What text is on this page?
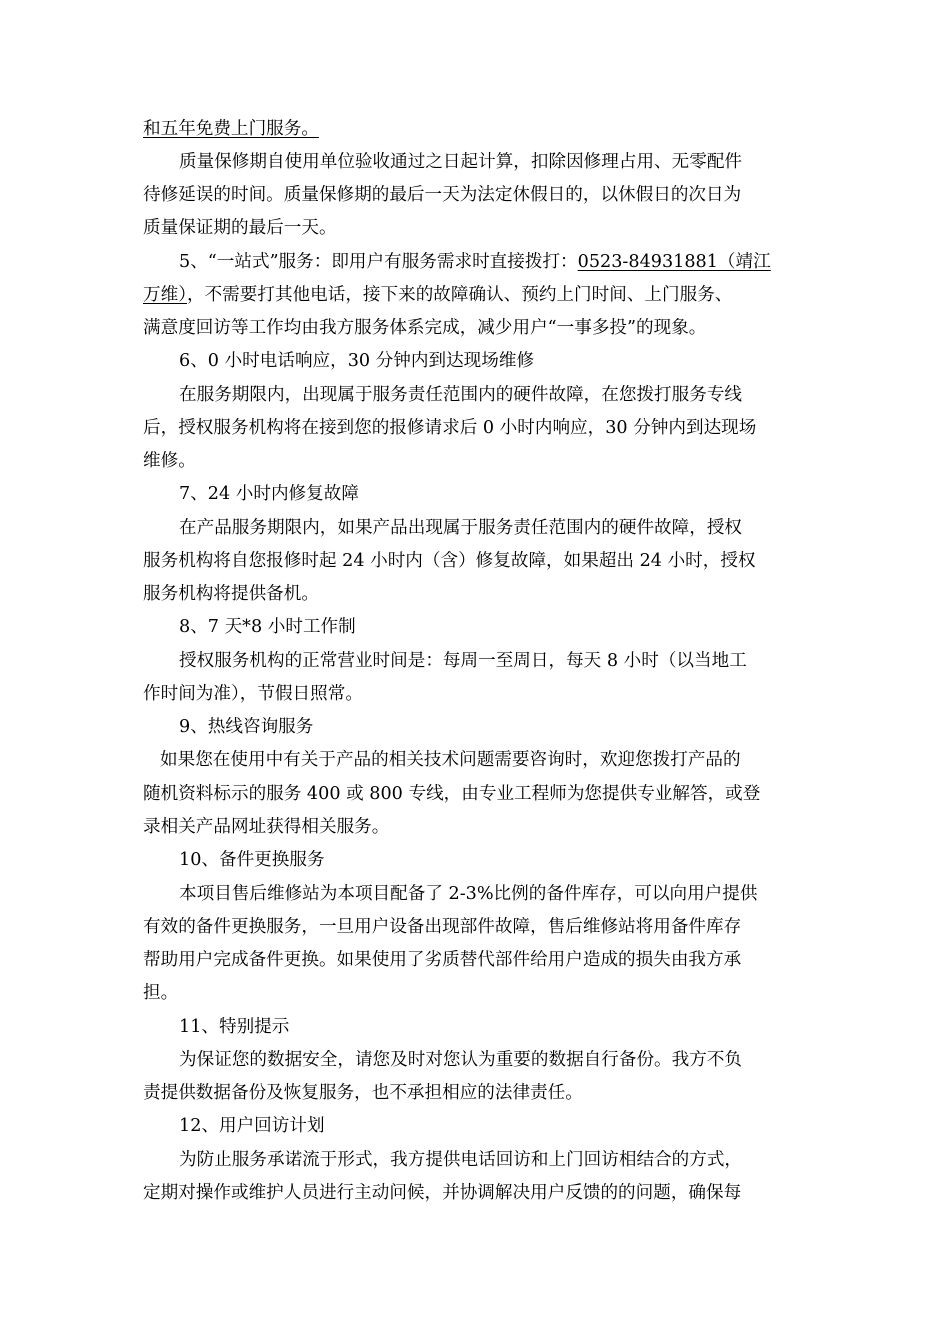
和五年免费上门服务。
质量保修期自使用单位验收通过之日起计算，扣除因修理占用、无零配件
待修延误的时间。质量保修期的最后一天为法定休假日的，以休假日的次日为
质量保证期的最后一天。
5、“一站式”服务：即用户有服务需求时直接拨打：0523-84931881（靖江
万维），不需要打其他电话，接下来的故障确认、预约上门时间、上门服务、
满意度回访等工作均由我方服务体系完成，减少用户“一事多投”的现象。
6、0 小时电话响应，30 分钟内到达现场维修
在服务期限内，出现属于服务责任范围内的硬件故障，在您拨打服务专线
后，授权服务机构将在接到您的报修请求后 0 小时内响应，30 分钟内到达现场
维修。
7、24 小时内修复故障
在产品服务期限内，如果产品出现属于服务责任范围内的硬件故障，授权
服务机构将自您报修时起 24 小时内（含）修复故障，如果超出 24 小时，授权
服务机构将提供备机。
8、7 天*8 小时工作制
授权服务机构的正常营业时间是：每周一至周日，每天 8 小时（以当地工
作时间为准），节假日照常。
9、热线咨询服务
如果您在使用中有关于产品的相关技术问题需要咨询时，欢迎您拨打产品的
随机资料标示的服务 400 或 800 专线，由专业工程师为您提供专业解答，或登
录相关产品网址获得相关服务。
10、备件更换服务
本项目售后维修站为本项目配备了 2-3%比例的备件库存，可以向用户提供
有效的备件更换服务，一旦用户设备出现部件故障，售后维修站将用备件库存
帮助用户完成备件更换。如果使用了劣质替代部件给用户造成的损失由我方承
担。
11、特别提示
为保证您的数据安全，请您及时对您认为重要的数据自行备份。我方不负
责提供数据备份及恢复服务，也不承担相应的法律责任。
12、用户回访计划
为防止服务承诺流于形式，我方提供电话回访和上门回访相结合的方式，
定期对操作或维护人员进行主动问候，并协调解决用户反馈的的问题，确保每
